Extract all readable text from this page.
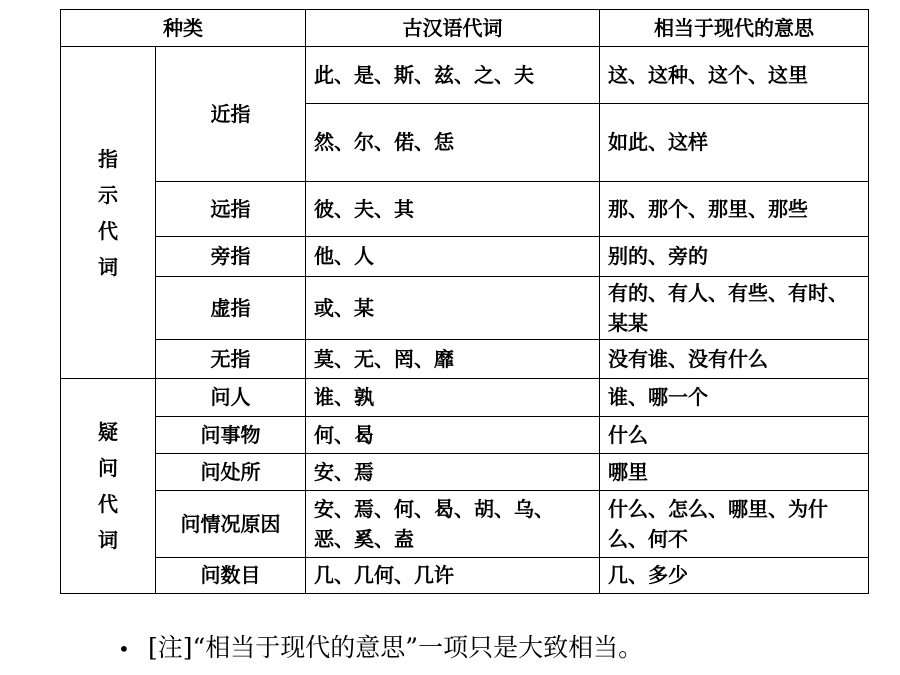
种类		古汉语代词	相当于现代的意思
指示代词	近指	此、是、斯、兹、之、夫	这、这种、这个、这里
		然、尔、偌、恁	如此、这样
	远指	彼、夫、其	那、那个、那里、那些
	旁指	他、人	别的、旁的
	虚指	或、某	有的、有人、有些、有时、某某
	无指	莫、无、罔、靡	没有谁、没有什么

疑问代词	问人	谁、孰	谁、哪一个
	问事物	何、曷	什么
	问处所	安、焉	哪里
	问情况原因	安、焉、何、曷、胡、乌、恶、奚、盍	什么、怎么、哪里、为什么、何不
	问数目	几、几何、几许	几、多少
• [注]“相当于现代的意思”一项只是大致相当。
